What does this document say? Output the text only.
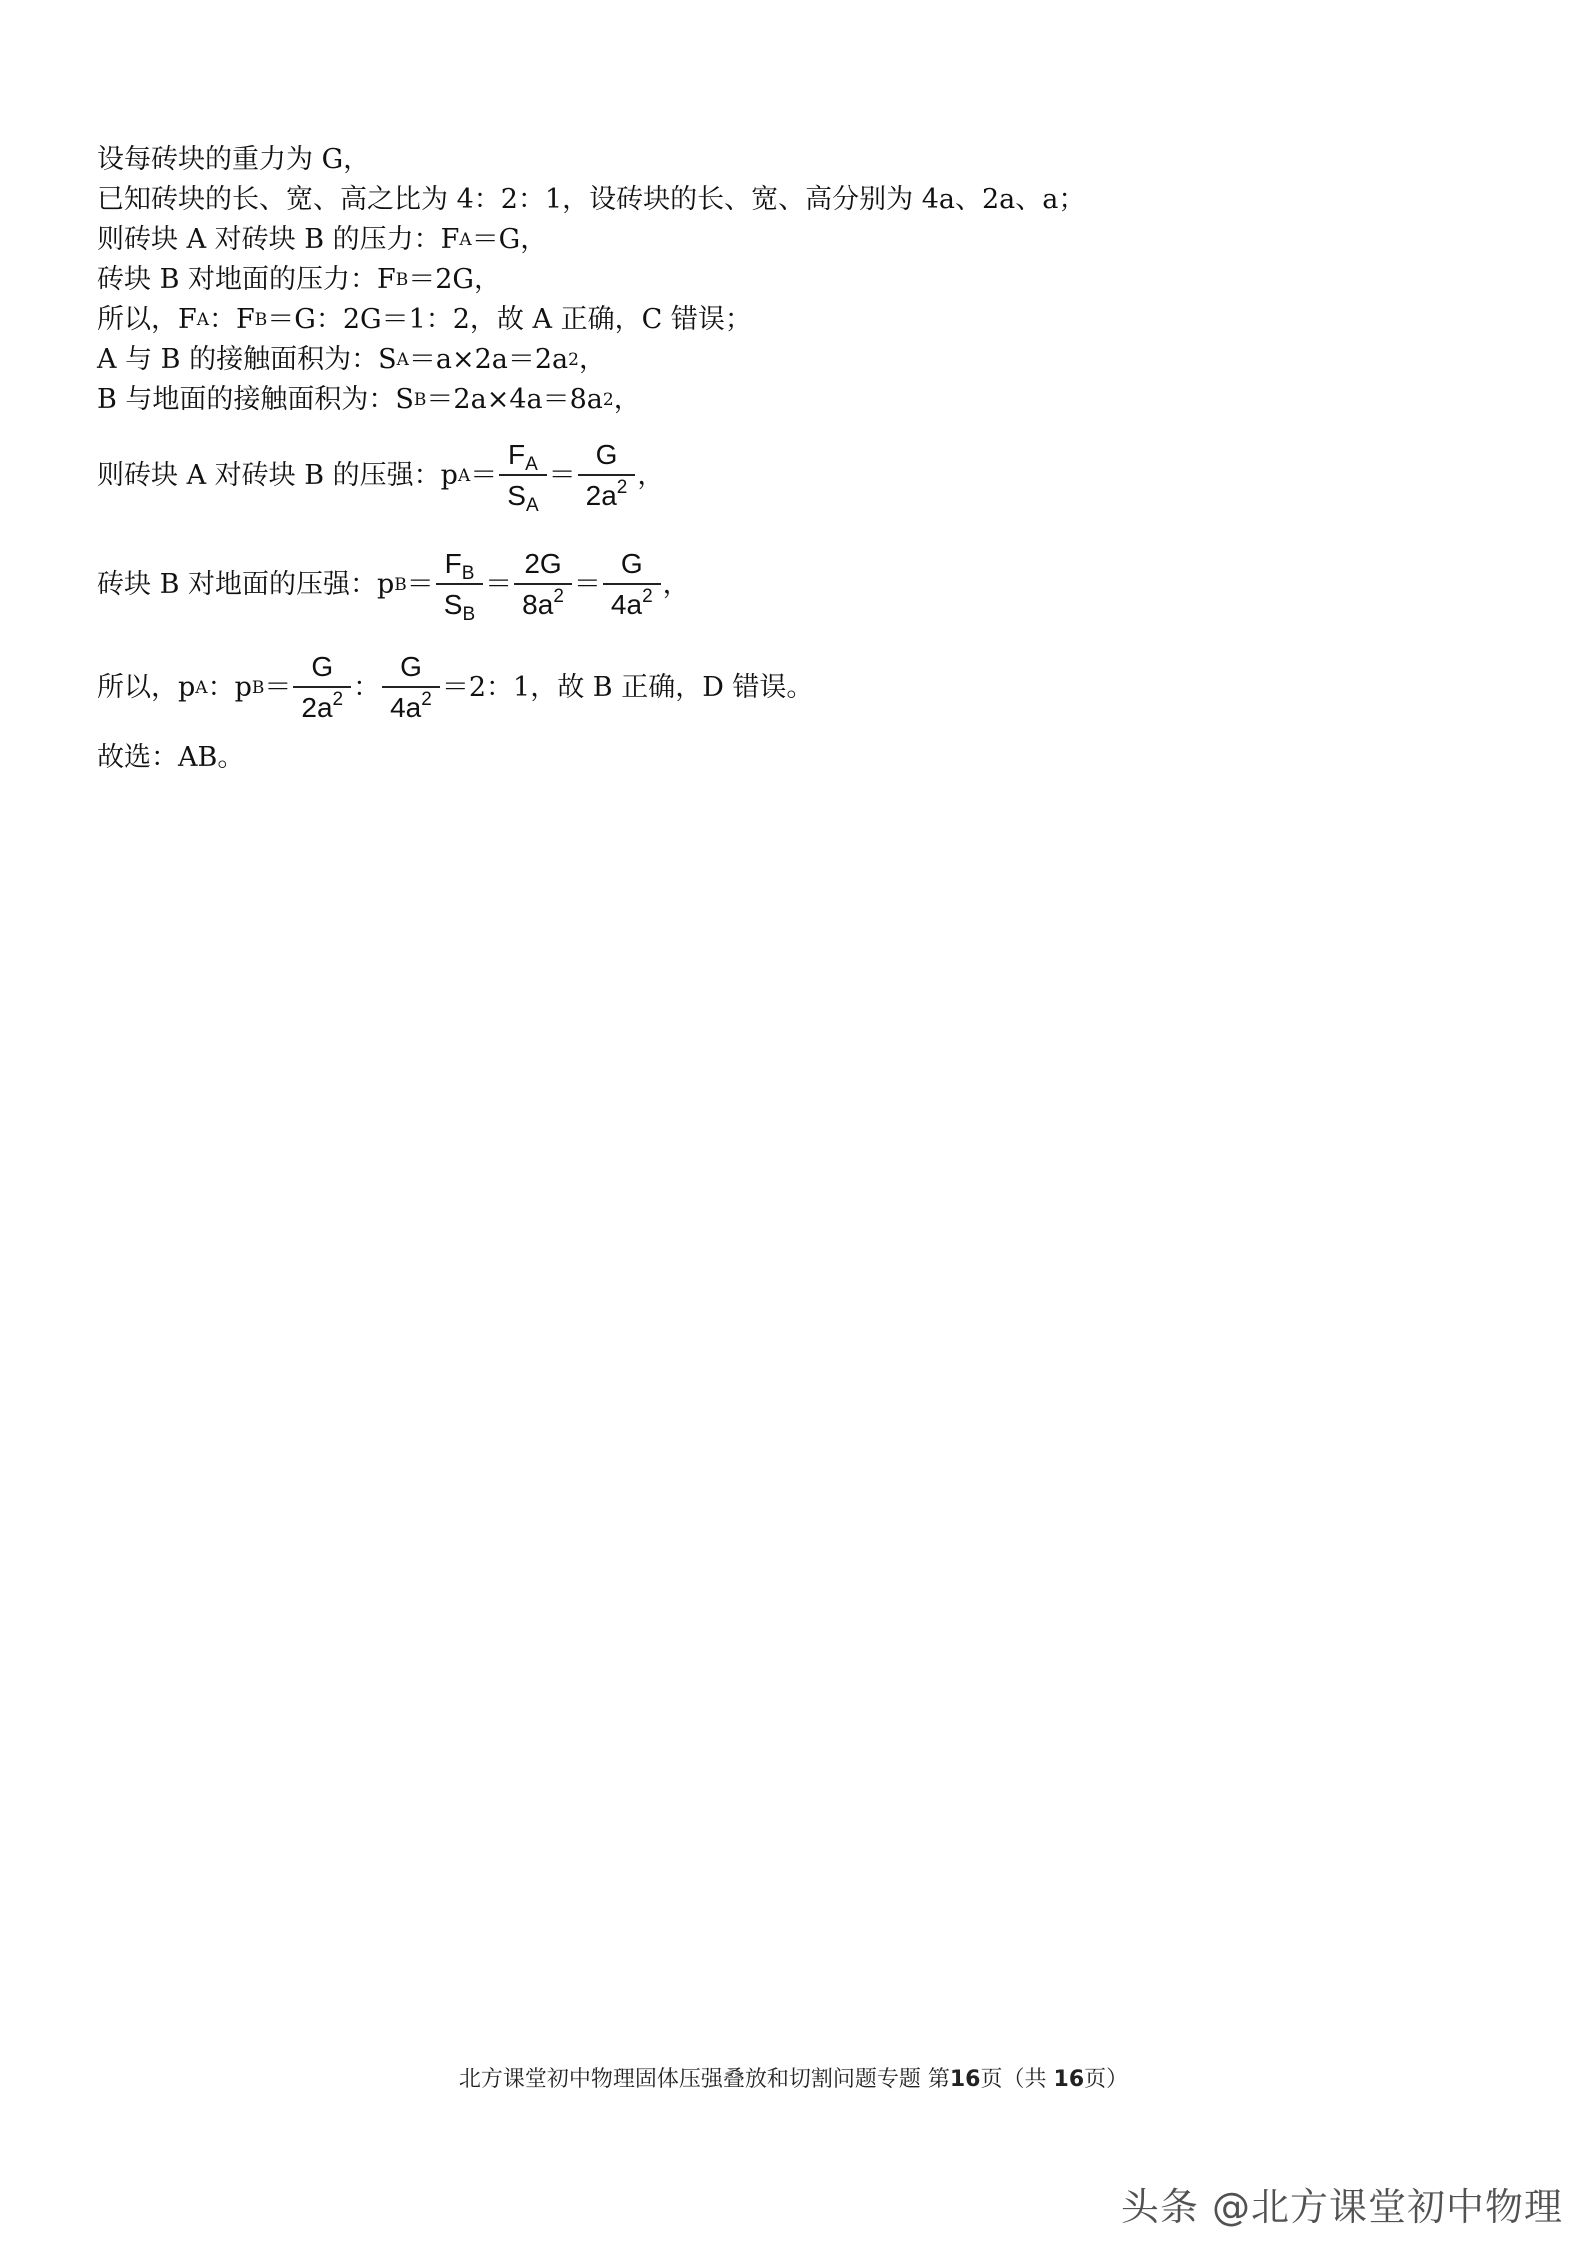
设每砖块的重力为 G，
已知砖块的长、宽、高之比为 4：2：1，设砖块的长、宽、高分别为 4a、2a、a；
则砖块 A 对砖块 B 的压力：F A ＝G，
砖块 B 对地面的压力：F B ＝2G，
所以，F A ：F B ＝G：2G＝1：2，故 A 正确，C 错误；
A 与 B 的接触面积为：S A ＝a×2a＝2a 2 ，
B 与地面的接触面积为：S B ＝2a×4a＝8a 2 ，
则砖块 A 对砖块 B 的压强：p $A = \frac{F_A}{S_A} = \frac{G}{2a^2}$ ，
砖块 B 对地面的压强：p $B = \frac{F_B}{S_B} = \frac{2G}{8a^2} = \frac{G}{4a^2}$ ，
所以，p A ：p $B = \frac{G}{2a^2}$ ： $\frac{G}{4a^2} =2$：1，故 B 正确，D 错误。
故选：AB。
北方课堂初中物理固体压强叠放和切割问题专题 第16页（共 16页）
头条 @北方课堂初中物理
